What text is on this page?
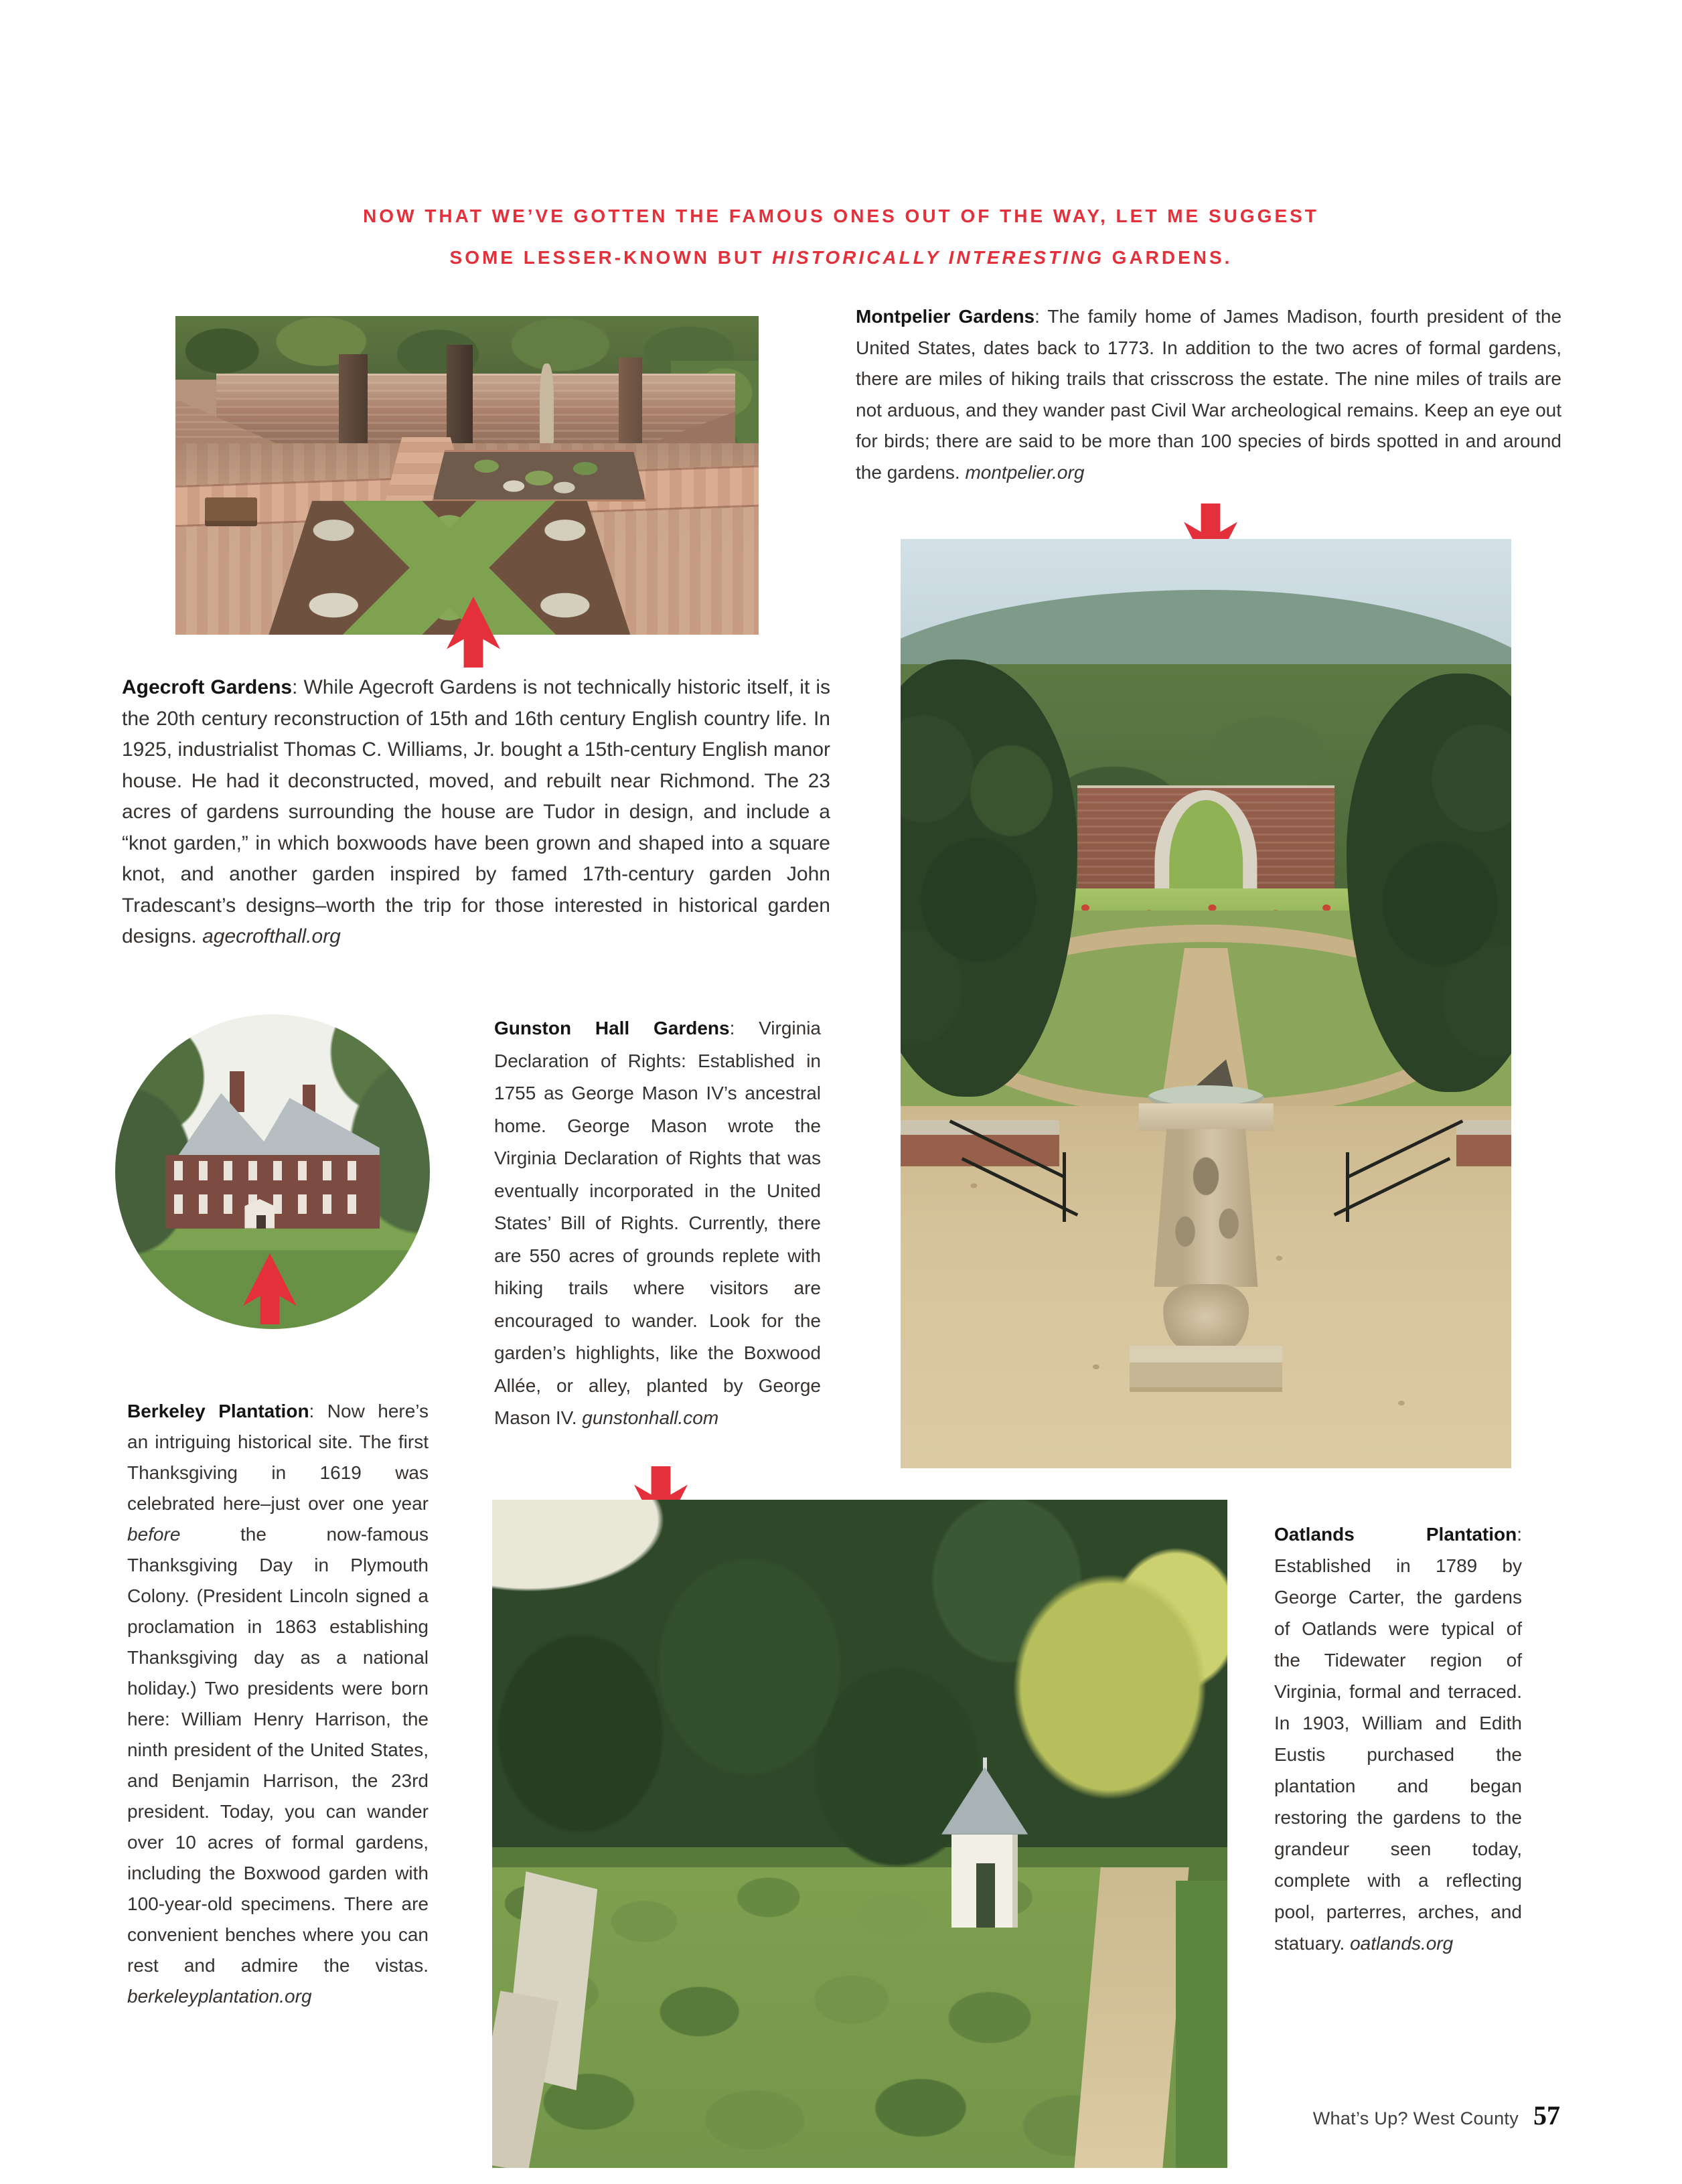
NOW THAT WE’VE GOTTEN THE FAMOUS ONES OUT OF THE WAY, LET ME SUGGEST SOME LESSER-KNOWN BUT HISTORICALLY INTERESTING GARDENS.
Montpelier Gardens: The family home of James Madison, fourth president of the United States, dates back to 1773. In addition to the two acres of formal gardens, there are miles of hiking trails that crisscross the estate. The nine miles of trails are not arduous, and they wander past Civil War archeological remains. Keep an eye out for birds; there are said to be more than 100 species of birds spotted in and around the gardens. montpelier.org
Agecroft Gardens: While Agecroft Gardens is not technically historic itself, it is the 20th century reconstruction of 15th and 16th century English country life. In 1925, industrialist Thomas C. Williams, Jr. bought a 15th-century English manor house. He had it deconstructed, moved, and rebuilt near Richmond. The 23 acres of gardens surrounding the house are Tudor in design, and include a “knot garden,” in which boxwoods have been grown and shaped into a square knot, and another garden inspired by famed 17th-century garden John Tradescant’s designs–worth the trip for those interested in historical garden designs. agecrofthall.org
Gunston Hall Gardens: Virginia Declaration of Rights: Established in 1755 as George Mason IV’s ancestral home. George Mason wrote the Virginia Declaration of Rights that was eventually incorporated in the United States’ Bill of Rights. Currently, there are 550 acres of grounds replete with hiking trails where visitors are encouraged to wander. Look for the garden’s highlights, like the Boxwood Allée, or alley, planted by George Mason IV. gunstonhall.com
Berkeley Plantation: Now here’s an intriguing historical site. The first Thanksgiving in 1619 was celebrated here–just over one year before the now-famous Thanksgiving Day in Plymouth Colony. (President Lincoln signed a proclamation in 1863 establishing Thanksgiving day as a national holiday.) Two presidents were born here: William Henry Harrison, the ninth president of the United States, and Benjamin Harrison, the 23rd president. Today, you can wander over 10 acres of formal gardens, including the Boxwood garden with 100-year-old specimens. There are convenient benches where you can rest and admire the vistas. berkeleyplantation.org
Oatlands Plantation: Established in 1789 by George Carter, the gardens of Oatlands were typical of the Tidewater region of Virginia, formal and terraced. In 1903, William and Edith Eustis purchased the plantation and began restoring the gardens to the grandeur seen today, complete with a reflecting pool, parterres, arches, and statuary. oatlands.org
What’s Up? West County 57
